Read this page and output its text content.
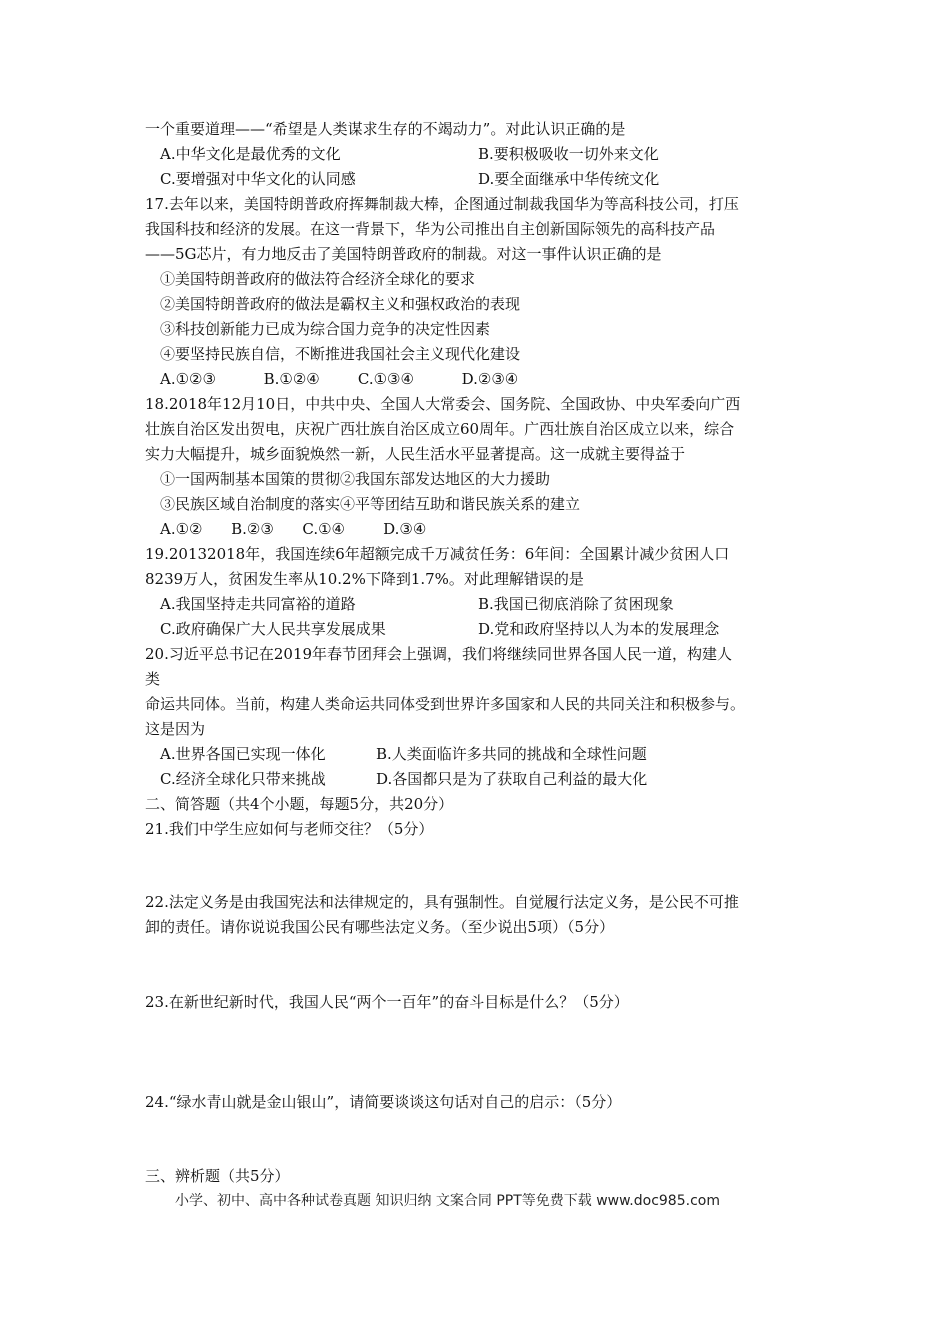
一个重要道理——“希望是人类谋求生存的不竭动力”。对此认识正确的是
A.中华文化是最优秀的文化	B.要积极吸收一切外来文化
C.要增强对中华文化的认同感	D.要全面继承中华传统文化
17.去年以来，美国特朗普政府挥舞制裁大棒，企图通过制裁我国华为等高科技公司，打压
我国科技和经济的发展。在这一背景下，华为公司推出自主创新国际领先的高科技产品
——5G芯片，有力地反击了美国特朗普政府的制裁。对这一事件认识正确的是
①美国特朗普政府的做法符合经济全球化的要求
②美国特朗普政府的做法是霸权主义和强权政治的表现
③科技创新能力已成为综合国力竞争的决定性因素
④要坚持民族自信，不断推进我国社会主义现代化建设
A.①②③          B.①②④        C.①③④          D.②③④
18.2018年12月10日，中共中央、全国人大常委会、国务院、全国政协、中央军委向广西
壮族自治区发出贺电，庆祝广西壮族自治区成立60周年。广西壮族自治区成立以来，综合
实力大幅提升，城乡面貌焕然一新，人民生活水平显著提高。这一成就主要得益于
①一国两制基本国策的贯彻②我国东部发达地区的大力援助
③民族区域自治制度的落实④平等团结互助和谐民族关系的建立
A.①②      B.②③      C.①④        D.③④
19.20132018年，我国连续6年超额完成千万减贫任务：6年间：全国累计减少贫困人口
8239万人，贫困发生率从10.2%下降到1.7%。对此理解错误的是
A.我国坚持走共同富裕的道路	B.我国已彻底消除了贫困现象
C.政府确保广大人民共享发展成果	D.党和政府坚持以人为本的发展理念
20.习近平总书记在2019年春节团拜会上强调，我们将继续同世界各国人民一道，构建人
类
命运共同体。当前，构建人类命运共同体受到世界许多国家和人民的共同关注和积极参与。
这是因为
A.世界各国已实现一体化	B.人类面临许多共同的挑战和全球性问题
C.经济全球化只带来挑战	D.各国都只是为了获取自己利益的最大化
二、简答题（共4个小题，每题5分，共20分）
21.我们中学生应如何与老师交往？（5分）
22.法定义务是由我国宪法和法律规定的，具有强制性。自觉履行法定义务，是公民不可推
卸的责任。请你说说我国公民有哪些法定义务。（至少说出5项）（5分）
23.在新世纪新时代，我国人民“两个一百年”的奋斗目标是什么？（5分）
24.“绿水青山就是金山银山”，请简要谈谈这句话对自己的启示：（5分）
三、辨析题（共5分）
小学、初中、高中各种试卷真题 知识归纳 文案合同 PPT等免费下载 www.doc985.com
